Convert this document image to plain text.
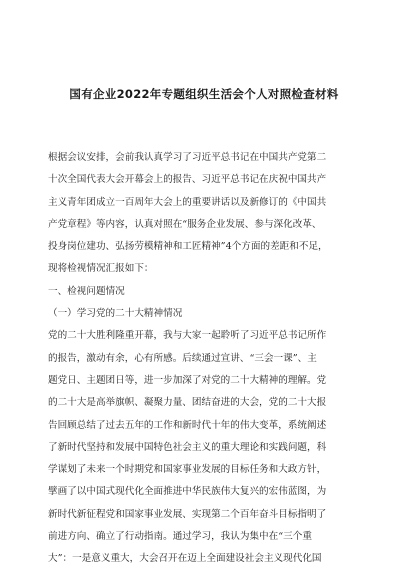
国有企业2022年专题组织生活会个人对照检查材料
根据会议安排，会前我认真学习了习近平总书记在中国共产党第二
十次全国代表大会开幕会上的报告、习近平总书记在庆祝中国共产
主义青年团成立一百周年大会上的重要讲话以及新修订的《中国共
产党章程》等内容，认真对照在“服务企业发展、参与深化改革、
投身岗位建功、弘扬劳模精神和工匠精神”4个方面的差距和不足，
现将检视情况汇报如下：
一、检视问题情况
（一）学习党的二十大精神情况
党的二十大胜利隆重开幕，我与大家一起聆听了习近平总书记所作
的报告，激动有余，心有所感。后续通过宣讲、“三会一课”、主
题党日、主题团日等，进一步加深了对党的二十大精神的理解。党
的二十大是高举旗帜、凝聚力量、团结奋进的大会，党的二十大报
告回顾总结了过去五年的工作和新时代十年的伟大变革，系统阐述
了新时代坚持和发展中国特色社会主义的重大理论和实践问题，科
学谋划了未来一个时期党和国家事业发展的目标任务和大政方针，
擘画了以中国式现代化全面推进中华民族伟大复兴的宏伟蓝图，为
新时代新征程党和国家事业发展、实现第二个百年奋斗目标指明了
前进方向、确立了行动指南。通过学习，我认为集中在“三个重
大”：一是意义重大，大会召开在迈上全面建设社会主义现代化国
